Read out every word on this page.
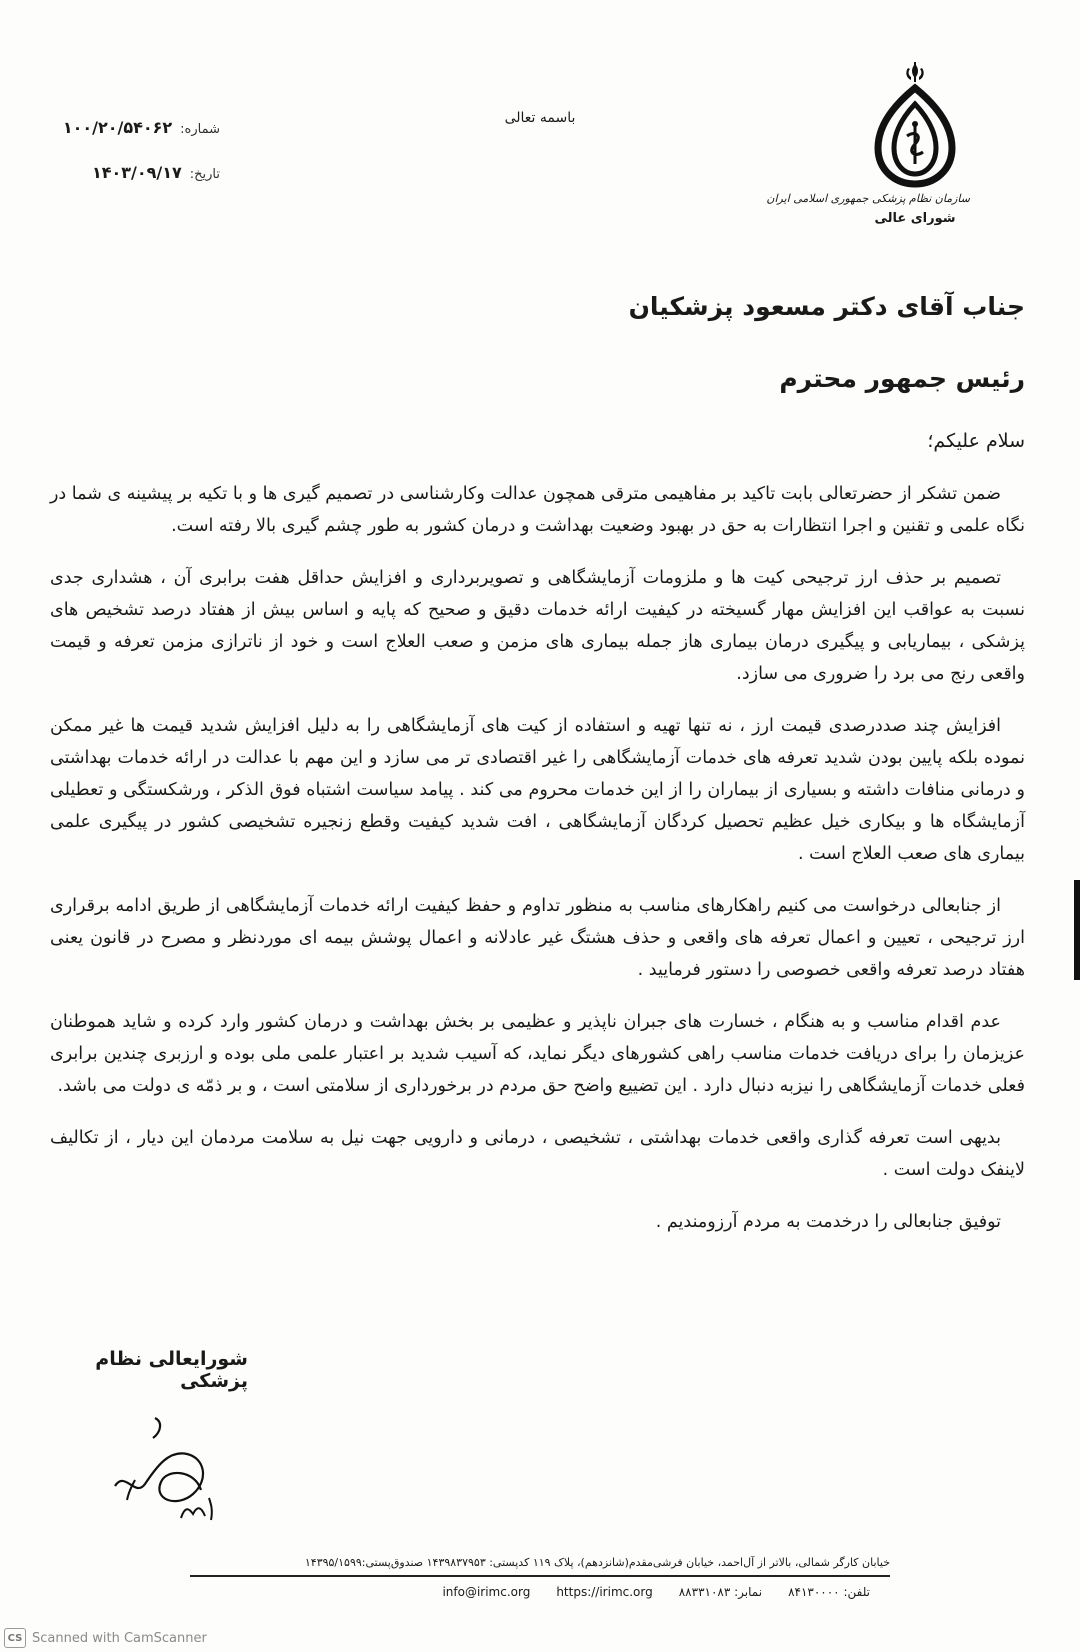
سازمان نظام پزشکی جمهوری اسلامی ایران
شورای عالی
باسمه تعالی
شماره:
۱۰۰/۲۰/۵۴۰۶۲
تاریخ:
۱۴۰۳/۰۹/۱۷
جناب آقای دکتر مسعود پزشکیان
رئیس جمهور محترم
سلام علیکم؛

ضمن تشکر از حضرتعالی بابت تاکید بر مفاهیمی مترقی همچون عدالت وکارشناسی در تصمیم گیری ها و با تکیه بر پیشینه ی شما در نگاه علمی و تقنین و اجرا انتظارات به حق در بهبود وضعیت بهداشت و درمان کشور به طور چشم گیری بالا رفته است.

تصمیم بر حذف ارز ترجیحی کیت ها و ملزومات آزمایشگاهی و تصویربرداری و افزایش حداقل هفت برابری آن ، هشداری جدی نسبت به عواقب این افزایش مهار گسیخته در کیفیت ارائه خدمات دقیق و صحیح که پایه و اساس بیش از هفتاد درصد تشخیص های پزشکی ، بیماریابی و پیگیری درمان بیماری هاز جمله بیماری های مزمن و صعب العلاج است و خود از ناترازی مزمن تعرفه و قیمت واقعی رنج می برد را ضروری می سازد.

افزایش چند صددرصدی قیمت ارز ، نه تنها تهیه و استفاده از کیت های آزمایشگاهی را به دلیل افزایش شدید قیمت ها غیر ممکن نموده بلکه پایین بودن شدید تعرفه های خدمات آزمایشگاهی را غیر اقتصادی تر می سازد و این مهم با عدالت در ارائه خدمات بهداشتی و درمانی منافات داشته و بسیاری از بیماران را از این خدمات محروم می کند . پیامد سیاست اشتباه فوق الذکر ، ورشکستگی و تعطیلی آزمایشگاه ها و بیکاری خیل عظیم تحصیل کردگان آزمایشگاهی ، افت شدید کیفیت وقطع زنجیره تشخیصی کشور در پیگیری علمی بیماری های صعب العلاج است .

از جنابعالی درخواست می کنیم راهکارهای مناسب به منظور تداوم و حفظ کیفیت ارائه خدمات آزمایشگاهی از طریق ادامه برقراری ارز ترجیحی ، تعیین و اعمال تعرفه های واقعی و حذف هشتگ غیر عادلانه و اعمال پوشش بیمه ای موردنظر و مصرح در قانون یعنی هفتاد درصد تعرفه واقعی خصوصی را دستور فرمایید .

عدم اقدام مناسب و به هنگام ، خسارت های جبران ناپذیر و عظیمی بر بخش بهداشت و درمان کشور وارد کرده و شاید هموطنان عزیزمان را برای دریافت خدمات مناسب راهی کشورهای دیگر نماید، که آسیب شدید بر اعتبار علمی ملی بوده و ارزبری چندین برابری فعلی خدمات آزمایشگاهی را نیزبه دنبال دارد . این تضییع واضح حق مردم در برخورداری از سلامتی است ، و بر ذمّه ی دولت می باشد.

بدیهی است تعرفه گذاری واقعی خدمات بهداشتی ، تشخیصی ، درمانی و دارویی جهت نیل به سلامت مردمان این دیار ، از تکالیف لاینفک دولت است .

توفیق جنابعالی را درخدمت به مردم آرزومندیم .

شورایعالی نظام پزشکی
خیابان کارگر شمالی، بالاتر از آل‌احمد، خیابان فرشی‌مقدم(شانزدهم)، پلاک ۱۱۹ کدپستی: ۱۴۳۹۸۳۷۹۵۳ صندوق‌پستی:۱۴۳۹۵/۱۵۹۹
تلفن: ۸۴۱۳۰۰۰۰
نمابر: ۸۸۳۳۱۰۸۳
https://irimc.org
info@irimc.org
CS Scanned with CamScanner
